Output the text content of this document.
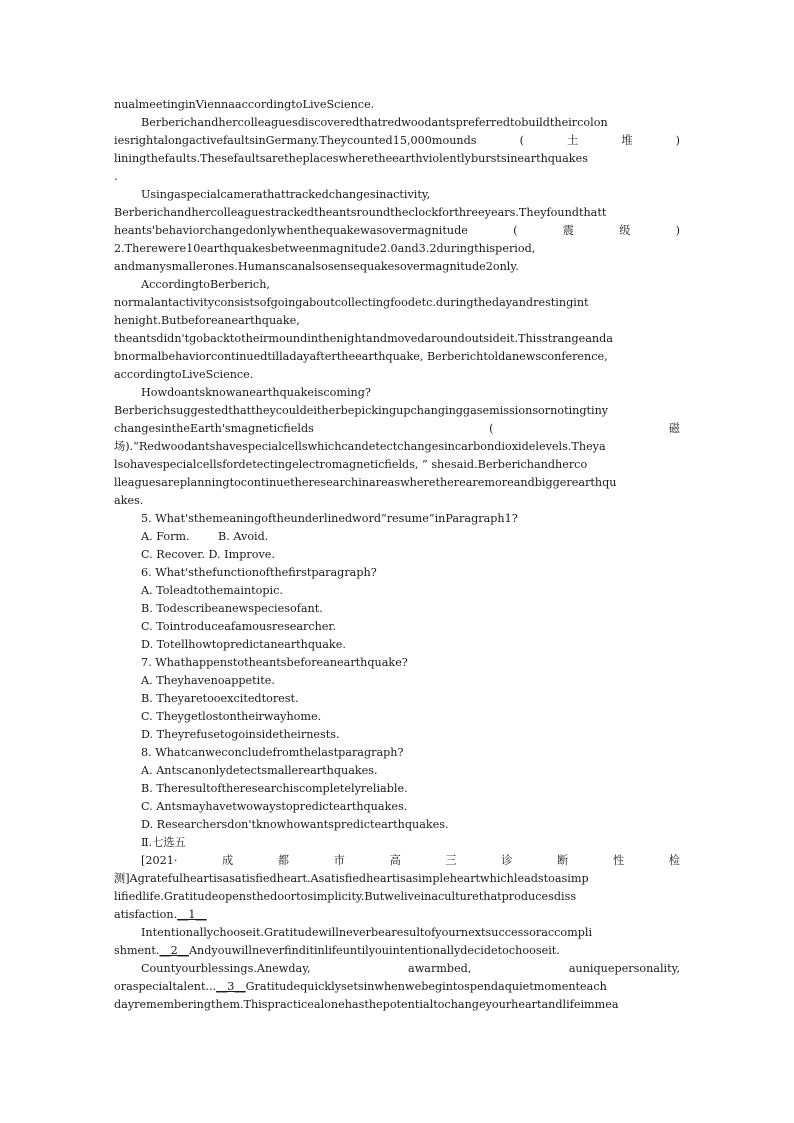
nualmeetinginViennaaccordingtoLiveScience.
Berberichandhercolleaguesdiscoveredthatredwoodantspreferredtobuildtheircolon
iesrightalongactivefaultsinGermany.Theycounted15,000mounds	(	土	堆	)
liningthefaults.Thesefaultsaretheplaceswheretheearthviolentlyburstsinearthquakes
.
Usingaspecialcamerathattrackedchangesinactivity,
Berberichandhercolleaguestrackedtheantsroundtheclockforthreeyears.Theyfoundthatt
heants'behaviorchangedonlywhenthequakewasovermagnitude	(	震	级	)
2.Therewere10earthquakesbetweenmagnitude2.0and3.2duringthisperiod,
andmanysmallerones.Humanscanalsosensequakesovermagnitude2only.
AccordingtoBerberich,
normalantactivityconsistsofgoingaboutcollectingfoodetc.duringthedayandrestingint
henight.Butbeforeanearthquake,
theantsdidn'tgobacktotheirmoundinthenightandmovedaroundoutsideit.Thisstrangeanda
bnormalbehaviorcontinuedtilladayaftertheearthquake, Berberichtoldanewsconference,
accordingtoLiveScience.
Howdoantsknowanearthquakeiscoming?
Berberichsuggestedthattheycouldeitherbepickingupchanginggasemissionsornotingtiny
changesintheEarth'smagneticfields	(	磁
场).“Redwoodantshavespecialcellswhichcandetectchangesincarbondioxidelevels.Theya
lsohavespecialcellsfordetectingelectromagneticfields, ” shesaid.Berberichandherco
lleaguesareplanningtocontinuetheresearchinareaswheretherearemoreandbiggerearthqu
akes.
5. What'sthemeaningoftheunderlinedword“resume”inParagraph1?
A. Form.        B. Avoid.
C. Recover. D. Improve.
6. What'sthefunctionofthefirstparagraph?
A. Toleadtothemaintopic.
B. Todescribeanewspeciesofant.
C. Tointroduceafamousresearcher.
D. Totellhowtopredictanearthquake.
7. Whathappenstotheantsbeforeanearthquake?
A. Theyhavenoappetite.
B. Theyaretooexcitedtorest.
C. Theygetlostontheirwayhome.
D. Theyrefusetogoinsidetheirnests.
8. Whatcanweconcludefromthelastparagraph?
A. Antscanonlydetectsmallerearthquakes.
B. Theresultoftheresearchiscompletelyreliable.
C. Antsmayhavetwowaystopredictearthquakes.
D. Researchersdon'tknowhowantspredictearthquakes.
Ⅱ.七选五
[2021·	成	都	市	高	三	诊	断	性	检
测]Agratefulheartisasatisfiedheart.Asatisfiedheartisasimpleheartwhichleadstoasimp
lifiedlife.Gratitudeopensthedoortosimplicity.Butweliveinaculturethatproducesdiss
atisfaction.__1__
Intentionallychooseit.Gratitudewillneverbearesultofyournextsuccessoraccompli
shment.__2__Andyouwillneverfinditinlifeuntilyouintentionallydecidetochooseit.
Countyourblessings.Anewday,	awarmbed,	auniquepersonality,
oraspecialtalent...__3__Gratitudequicklysetsinwhenwebegintospendaquietmomenteach
dayrememberingthem.Thispracticealonehasthepotentialtochangeyourheartandlifeimmea
